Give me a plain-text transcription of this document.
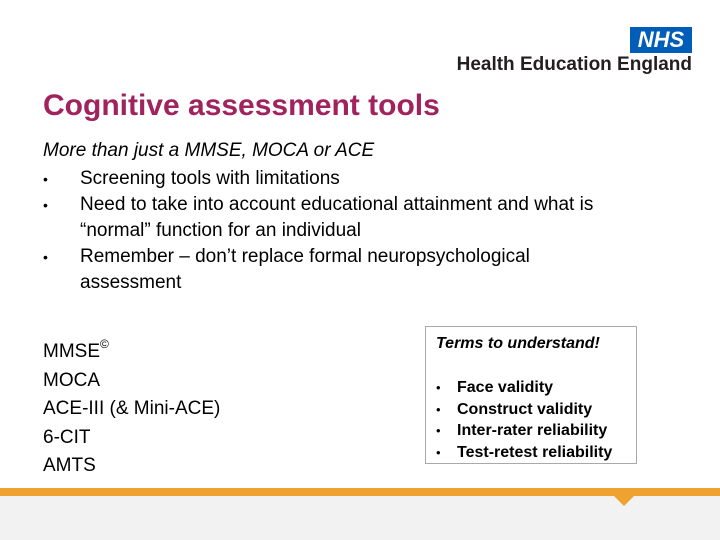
NHS
Health Education England
Cognitive assessment tools
More than just a MMSE, MOCA or ACE
•	Screening tools with limitations
•	Need to take into account educational attainment and what is “normal” function for an individual
•	Remember – don’t replace formal neuropsychological assessment
MMSE©
MOCA
ACE-III (& Mini-ACE)
6-CIT
AMTS
Terms to understand!
• Face validity
• Construct validity
• Inter-rater reliability
• Test-retest reliability
